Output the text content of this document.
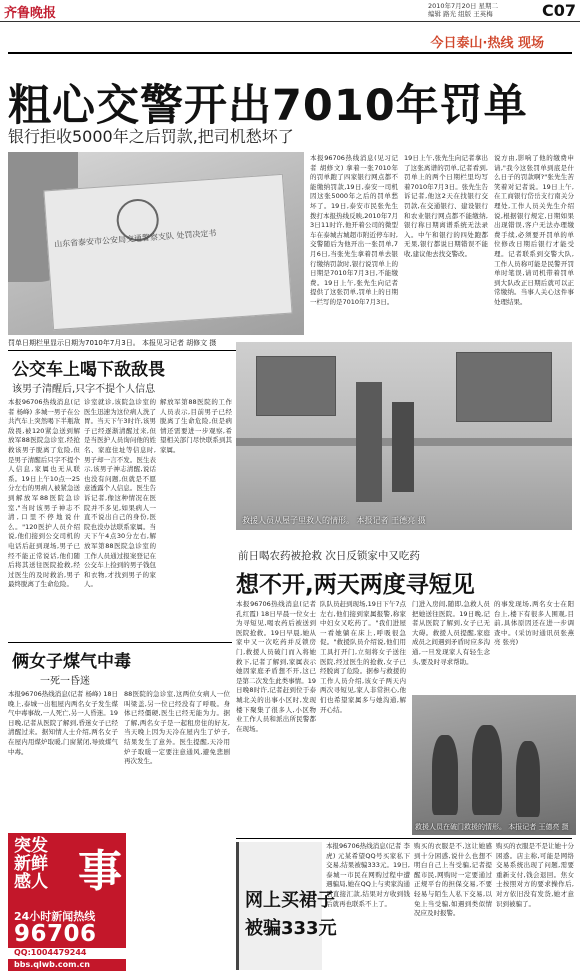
齐鲁晚报	2010年7月20日 星期二
编辑 路光 组版 王英梅	C07
今日泰山·热线 现场
粗心交警开出7010年罚单
银行拒收5000年之后罚款,把司机愁坏了
山东省泰安市公安局交通警察支队 处罚决定书
罚单日期栏里显示日期为7010年7月3日。 本报见习记者 胡修文 摄
本报96706热线消息(见习记者 胡修文) 拿着一张7010年的罚单跑了四家银行网点都不能缴纳罚款,19日,泰安一司机因这张5000年之后的罚单愁坏了。19日,泰安市民张先生拨打本报热线反映,2010年7月3日11时许,他开着公司的微型车在泰城古城超市附近停车时,交警随后为他开出一张罚单,7月6日,当张先生拿着罚单去银行缴纳罚款时,银行说罚单上的日期是7010年7月3日,不能缴费。19日上午,张先生向记者提供了这张罚单,罚单上的日期一栏写的是7010年7月3日。
19日上午,张先生向记者拿出了这张离谱的罚单,记者看到,罚单上的两个日期栏里均写着7010年7月3日。张先生告诉记者,他这2天在找银行交罚款,在交通银行、建设银行和农业银行网点都不能缴纳,银行称日期离谱系统无法录入。中午和银行的四处跑都无果,银行都说日期错误不能收,建议他去找交警改。
说方由,影响了他的缴费申请,"我今这张罚单到底是什么日子的罚款啊?"张先生苦笑着对记者说。19日上午,在工商银行岱岳支行南关分理处,工作人员关先生介绍说,根据银行规定,日期如果出现错误,客户无法办理缴费手续,必须要开罚单的单位修改日期后银行才能受理。记者联系到交警大队,工作人员称可能是民警开罚单时笔误,请司机带着罚单到大队改正日期后就可以正常缴纳。当事人关心这件事处理结果。
公交车上喝下敌敌畏
该男子清醒后,只字不提个人信息
本报96706热线消息(记者 杨峰) 多城一男子在公共汽车上突然喝下半瓶敌敌畏,被120紧急送到解放军88医院急诊室,经抢救该男子脱离了危险,但是男子清醒后只字不提个人信息,家属也无从联系。19日上午10点一25分左右的男病人被紧急送到解放军88医院急诊室,"当时该男子神志不清,口里不停地说什么。"120医护人员介绍说,他们接到公交司机的电话后赶到现场,男子已经不能正常说话,他们随后将其送往医院抢救,经过医生的及时救治,男子最终脱离了生命危险。
诊室就诊,该院急诊室的医生迅速为这位病人洗了胃。当天下午3时许,该男子已经逐渐清醒过来,但是当医护人员询问他的姓名、家庭住址等信息时,男子却一言不发。医生表示,该男子神志清醒,说话也没有问题,但就是不愿意透露个人信息。医生告诉记者,像这种情况在医院并不多见,如果病人一直不说出自己的身份,医院也没办法联系家属。当天下午4点30分左右,解放军第88医院急诊室的工作人员通过报案登记在公交车上捡到的男子钱包和衣物,才找到男子的家人。
解放军第88医院的工作人员表示,目前男子已经脱离了生命危险,但是病情还需要进一步观察,希望相关部门尽快联系到其家属。
救援人员从屋子里救人的情形。 本报记者 王德亮 摄
前日喝农药被抢救 次日反锁家中又吃药
想不开,两天两度寻短见
本报96706热线消息(记者 孔红霞) 18日早晨一位女士为寻短见,喝农药后被送到医院抢救。19日早晨,她从家中又一次吃药并反锁房门,救援人员破门而入将她救下,记者了解到,家属表示她因家庭矛盾想不开,这已是第二次发生此类事情。19日晚8时许,记者赶到位于泰城北关的出事小区时,发现楼下聚集了很多人,小区物业工作人员和派出所民警都在现场。
队队员赶到现场,19日下午7点左右,他们接到家属报警,称家中妇女又吃药了。"我们进屋一看她躺在床上,呼吸很急促。"救援队员介绍说,他们用工具打开门,立刻将女子送往医院,经过医生的抢救,女子已经脱离了危险。据参与救援的工作人员介绍,该女子两天内两次寻短见,家人非常担心,他们也希望家属多与她沟通,解开心结。
门进入房间,随即,急救人员把她送往医院。19日晚,记者从医院了解到,女子已无大碍。救援人员提醒,家庭成员之间遇到矛盾时应多沟通,一旦发现家人有轻生念头,要及时寻求帮助。
的事发现场,两名女士在阳台上,楼下有很多人围观,目前,具体原因还在进一步调查中。(采访时通讯员张燕亮 张亮)
救援人员在破门救援的情形。 本报记者 王德亮 摄
俩女子煤气中毒
一死一昏迷
本报96706热线消息(记者 杨峰) 18日晚上,泰城一出租屋内两名女子发生煤气中毒事故,一人死亡,另一人昏迷。19日晚,记者从医院了解到,昏迷女子已经清醒过来。据知情人士介绍,两名女子在屋内用煤炉取暖,门窗紧闭,导致煤气中毒。
88医院的急诊室,这两位女病人一位叫梁盖,另一位已经没有了呼吸。身体已经僵硬,医生已经无能为力。据了解,两名女子是一起租房住的好友,当天晚上因为天冷在屋内生了炉子,结果发生了意外。医生提醒,天冷用炉子取暖一定要注意通风,避免悲剧再次发生。
突发
新鲜
感人 事
24小时新闻热线
96706
QQ:1004479244
bbs.qlwb.com.cn
网上买裙子
被骗333元
本报96706热线消息(记者 李虎) 元某希望QQ号买家私下交易,结果被骗333元。19日,泰城一市民在网购过程中遭遇骗局,她在QQ上与卖家沟通后直接汇款,结果对方收到钱后就再也联系不上了。
购买的衣服是不,这让她感到十分困惑,说什么也想不明白自己上当受骗,记者提醒市民,网购时一定要通过正规平台的担保交易,不要轻易与陌生人私下交易,以免上当受骗,如遇到类似情况应及时报警。
购买的衣服是不是让她十分困惑。店主称,可能是网络交易系统出现了问题,需要重新支付,钱会退回。焦女士按照对方的要求操作后,对方依旧没有发货,她才意识到被骗了。
